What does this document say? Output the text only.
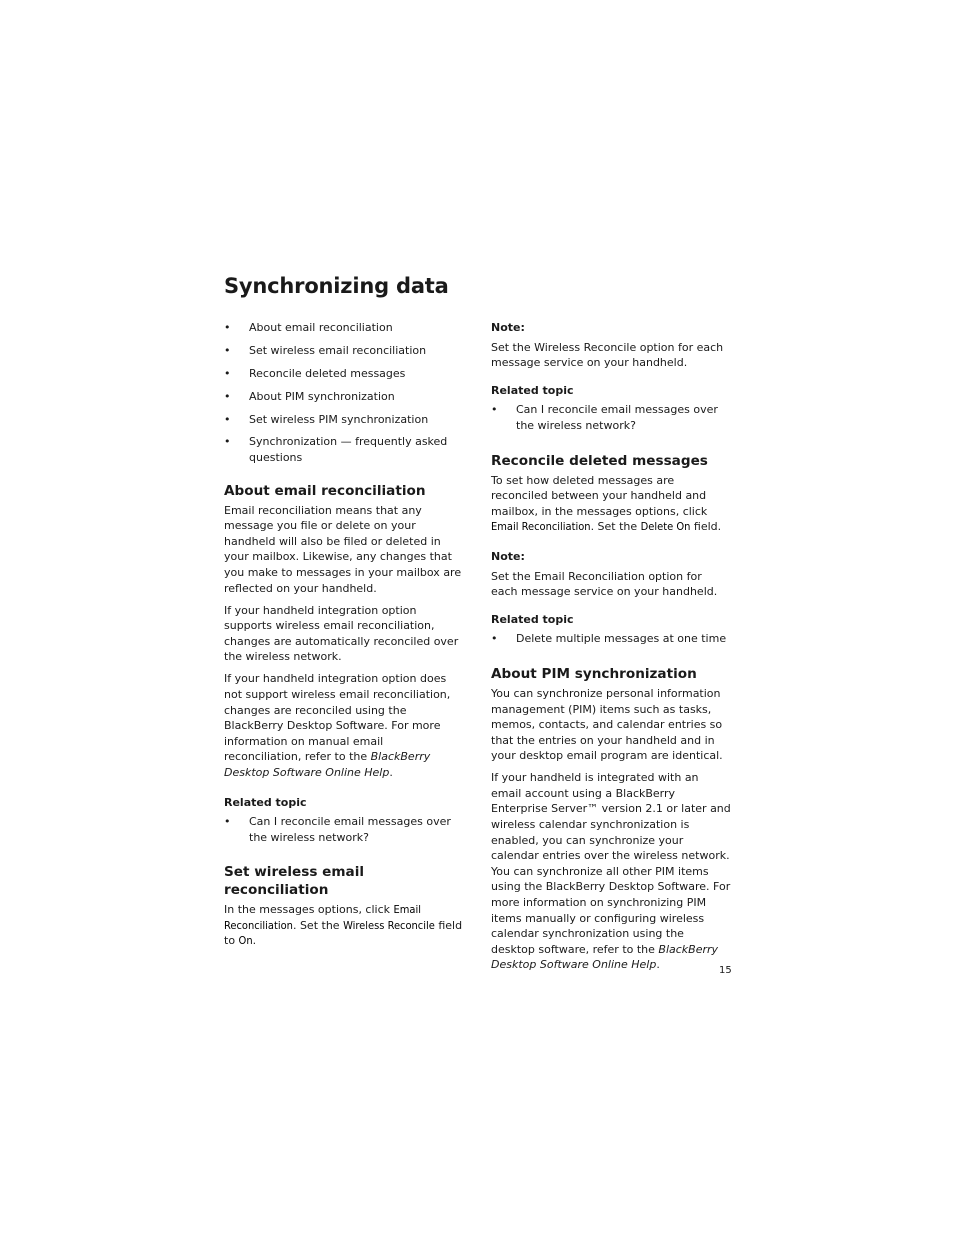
Synchronizing data
• About email reconciliation
• Set wireless email reconciliation
• Reconcile deleted messages
• About PIM synchronization
• Set wireless PIM synchronization
• Synchronization — frequently asked questions
About email reconciliation

Email reconciliation means that any message you file or delete on your handheld will also be filed or deleted in your mailbox. Likewise, any changes that you make to messages in your mailbox are reflected on your handheld.

If your handheld integration option supports wireless email reconciliation, changes are automatically reconciled over the wireless network.

If your handheld integration option does not support wireless email reconciliation, changes are reconciled using the BlackBerry Desktop Software. For more information on manual email reconciliation, refer to the BlackBerry Desktop Software Online Help.

Related topic
• Can I reconcile email messages over the wireless network?
Set wireless email reconciliation

In the messages options, click Email Reconciliation. Set the Wireless Reconcile field to On.

Note:

Set the Wireless Reconcile option for each message service on your handheld.

Related topic
• Can I reconcile email messages over the wireless network?
Reconcile deleted messages

To set how deleted messages are reconciled between your handheld and mailbox, in the messages options, click Email Reconciliation. Set the Delete On field.

Note:

Set the Email Reconciliation option for each message service on your handheld.

Related topic
• Delete multiple messages at one time
About PIM synchronization

You can synchronize personal information management (PIM) items such as tasks, memos, contacts, and calendar entries so that the entries on your handheld and in your desktop email program are identical.

If your handheld is integrated with an email account using a BlackBerry Enterprise Server™ version 2.1 or later and wireless calendar synchronization is enabled, you can synchronize your calendar entries over the wireless network. You can synchronize all other PIM items using the BlackBerry Desktop Software. For more information on synchronizing PIM items manually or configuring wireless calendar synchronization using the desktop software, refer to the BlackBerry Desktop Software Online Help.	15
